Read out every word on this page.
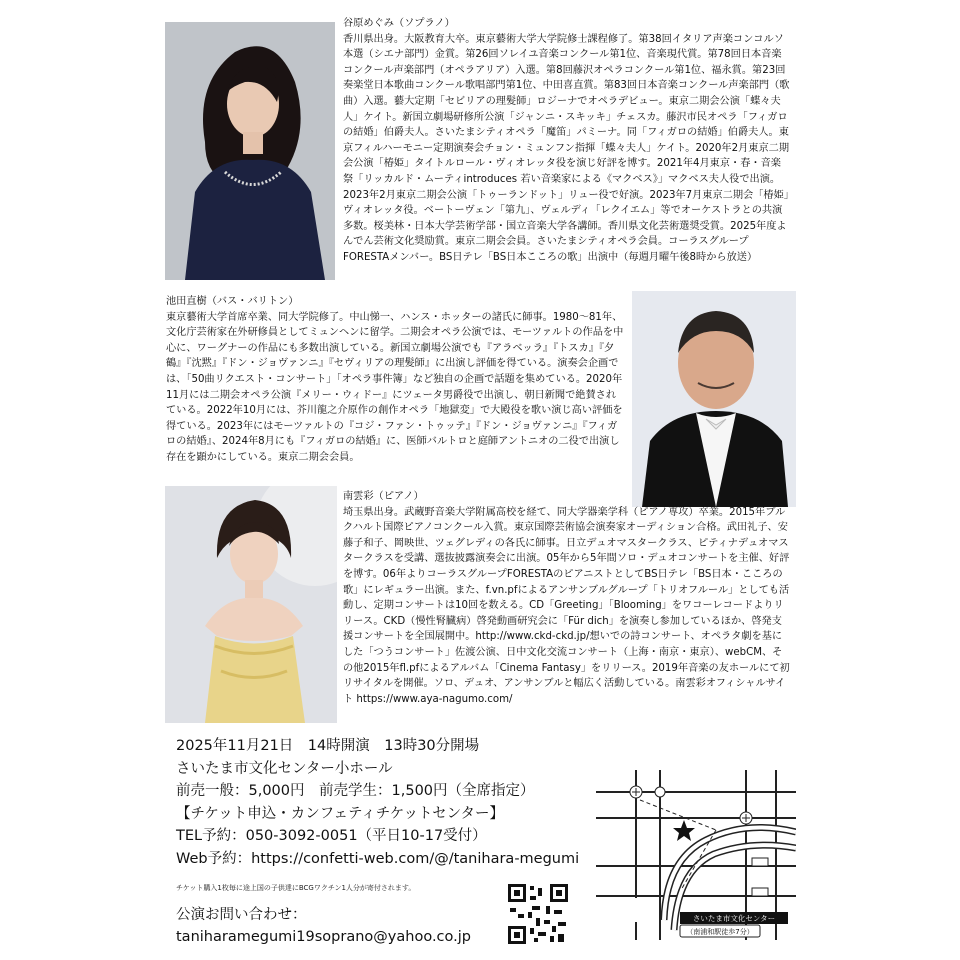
谷原めぐみ（ソプラノ）
香川県出身。大阪教育大卒。東京藝術大学大学院修士課程修了。第38回イタリア声楽コンコルソ本選（シエナ部門）金賞。第26回ソレイユ音楽コンクール第1位、音楽現代賞。第78回日本音楽コンクール声楽部門（オペラアリア）入選。第8回藤沢オペラコンクール第1位、福永賞。第23回奏楽堂日本歌曲コンクール歌唱部門第1位、中田喜直賞。第83回日本音楽コンクール声楽部門（歌曲）入選。藝大定期「セビリアの理髪師」ロジーナでオペラデビュー。東京二期会公演「蝶々夫人」ケイト。新国立劇場研修所公演「ジャンニ・スキッキ」チェスカ。藤沢市民オペラ「フィガロの結婚」伯爵夫人。さいたまシティオペラ「魔笛」パミーナ。同「フィガロの結婚」伯爵夫人。東京フィルハーモニー定期演奏会チョン・ミュンフン指揮「蝶々夫人」ケイト。2020年2月東京二期会公演「椿姫」タイトルロール・ヴィオレッタ役を演じ好評を博す。2021年4月東京・春・音楽祭「リッカルド・ムーティintroduces 若い音楽家による《マクベス》」マクベス夫人役で出演。2023年2月東京二期会公演「トゥーランドット」リュー役で好演。2023年7月東京二期会「椿姫」ヴィオレッタ役。ベートーヴェン「第九」、ヴェルディ「レクイエム」等でオーケストラとの共演多数。桜美林・日本大学芸術学部・国立音楽大学各講師。香川県文化芸術選奨受賞。2025年度よんでん芸術文化奨励賞。東京二期会会員。さいたまシティオペラ会員。コーラスグループFORESTAメンバー。BS日テレ「BS日本こころの歌」出演中（毎週月曜午後8時から放送）
池田直樹（バス・バリトン）
東京藝術大学首席卒業、同大学院修了。中山悌一、ハンス・ホッターの諸氏に師事。1980～81年、文化庁芸術家在外研修員としてミュンヘンに留学。二期会オペラ公演では、モーツァルトの作品を中心に、ワーグナーの作品にも多数出演している。新国立劇場公演でも『アラベッラ』『トスカ』『夕鶴』『沈黙』『ドン・ジョヴァンニ』『セヴィリアの理髪師』に出演し評価を得ている。演奏会企画では、「50曲リクエスト・コンサート」「オペラ事件簿」など独自の企画で話題を集めている。2020年11月には二期会オペラ公演『メリー・ウィドー』にツェータ男爵役で出演し、朝日新聞で絶賛されている。2022年10月には、芥川龍之介原作の創作オペラ「地獄変」で大殿役を歌い演じ高い評価を得ている。2023年にはモーツァルトの『コジ・ファン・トゥッテ』『ドン・ジョヴァンニ』『フィガロの結婚』、2024年8月にも『フィガロの結婚』に、医師バルトロと庭師アントニオの二役で出演し存在を顕かにしている。東京二期会会員。
南雲彩（ピアノ）
埼玉県出身。武蔵野音楽大学附属高校を経て、同大学器楽学科（ピアノ専攻）卒業。2015年ブルクハルト国際ピアノコンクール入賞。東京国際芸術協会演奏家オーディション合格。武田礼子、安藤子和子、岡映世、ツェグレディの各氏に師事。日立デュオマスタークラス、ピティナデュオマスタークラスを受講、選抜披露演奏会に出演。05年から5年間ソロ・デュオコンサートを主催、好評を博す。06年よりコーラスグループFORESTAのピアニストとしてBS日テレ「BS日本・こころの歌」にレギュラー出演。また、f.vn.pfによるアンサンブルグループ「トリオフルール」としても活動し、定期コンサートは10回を数える。CD「Greeting」「Blooming」をワコーレコードよりリリース。CKD（慢性腎臓病）啓発動画研究会に「Für dich」を演奏し参加しているほか、啓発支援コンサートを全国展開中。http://www.ckd-ckd.jp/想いでの詩コンサート、オペラタ劇を基にした「つうコンサート」佐渡公演、日中文化交流コンサート（上海・南京・東京）、webCM、その他2015年fl.pfによるアルバム「Cinema Fantasy」をリリース。2019年音楽の友ホールにて初リサイタルを開催。ソロ、デュオ、アンサンブルと幅広く活動している。南雲彩オフィシャルサイト https://www.aya-nagumo.com/
2025年11月21日　14時開演　13時30分開場
さいたま市文化センター小ホール
前売一般：5,000円　前売学生：1,500円（全席指定）
【チケット申込・カンフェティチケットセンター】
TEL予約：050-3092-0051（平日10-17受付）
Web予約：https://confetti-web.com/@/tanihara-megumi
チケット購入1枚毎に途上国の子供達にBCGワクチン1人分が寄付されます。
公演お問い合わせ：
taniharamegumi19soprano@yahoo.co.jp
さいたま市文化センター
（南浦和駅徒歩7分）
